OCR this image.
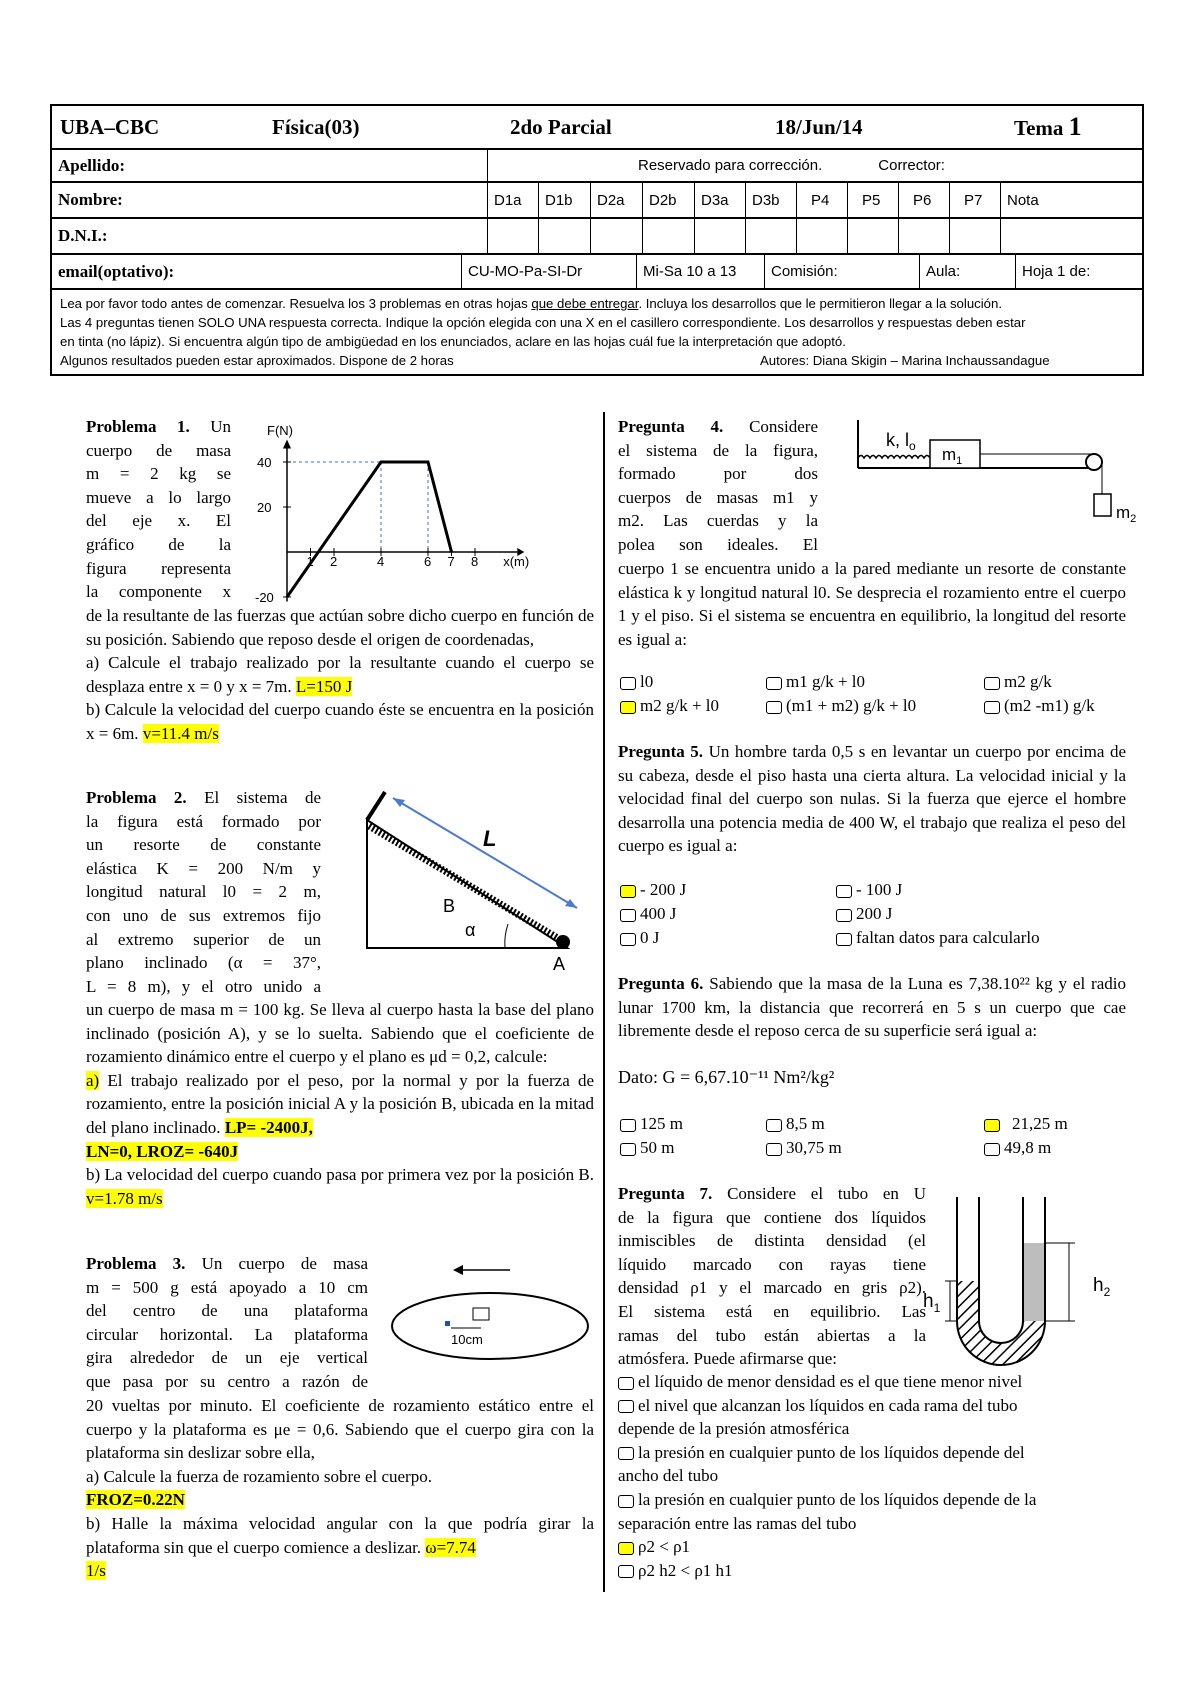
UBA–CBC	Física(03)	2do Parcial	18/Jun/14	Tema 1
Apellido:	Reservado para corrección.	Corrector:
Nombre:	D1a	D1b	D2a	D2b	D3a	D3b	P4	P5	P6	P7	Nota
D.N.I.:
email(optativo):	CU-MO-Pa-SI-Dr	Mi-Sa 10 a 13	Comisión:	Aula:	Hoja 1 de:
Lea por favor todo antes de comenzar. Resuelva los 3 problemas en otras hojas que debe entregar. Incluya los desarrollos que le permitieron llegar a la solución.
Las 4 preguntas tienen SOLO UNA respuesta correcta. Indique la opción elegida con una X en el casillero correspondiente. Los desarrollos y respuestas deben estar
en tinta (no lápiz). Si encuentra algún tipo de ambigüedad en los enunciados, aclare en las hojas cuál fue la interpretación que adoptó.
Algunos resultados pueden estar aproximados. Dispone de 2 horas	Autores: Diana Skigin – Marina Inchaussandague
Problema 1. Un
cuerpo de masa
m = 2 kg se
mueve a lo largo
del eje x. El
gráfico de la
figura representa
la componente x
40
20
-20
F(N)
1 2	4	6 7 8 x(m)
de la resultante de las fuerzas que actúan sobre dicho cuerpo en función de su posición. Sabiendo que reposo desde el origen de coordenadas,
a) Calcule el trabajo realizado por la resultante cuando el cuerpo se desplaza entre x = 0 y x = 7m. L=150 J
b) Calcule la velocidad del cuerpo cuando éste se encuentra en la posición x = 6m. v=11.4 m/s
Problema 2. El sistema de
la figura está formado por
un resorte de constante
elástica K = 200 N/m y
longitud natural l0 = 2 m,
con uno de sus extremos fijo
al extremo superior de un
plano inclinado (α = 37°,
L = 8 m), y el otro unido a
L
B
α
A
un cuerpo de masa m = 100 kg. Se lleva al cuerpo hasta la base del plano inclinado (posición A), y se lo suelta. Sabiendo que el coeficiente de rozamiento dinámico entre el cuerpo y el plano es μd = 0,2, calcule:
a) El trabajo realizado por el peso, por la normal y por la fuerza de rozamiento, entre la posición inicial A y la posición B, ubicada en la mitad del plano inclinado. LP= -2400J,
LN=0, LROZ= -640J
b) La velocidad del cuerpo cuando pasa por primera vez por la posición B. v=1.78 m/s
Problema 3. Un cuerpo de masa
m = 500 g está apoyado a 10 cm
del centro de una plataforma
circular horizontal. La plataforma
gira alrededor de un eje vertical
que pasa por su centro a razón de
10cm
20 vueltas por minuto. El coeficiente de rozamiento estático entre el cuerpo y la plataforma es μe = 0,6. Sabiendo que el cuerpo gira con la plataforma sin deslizar sobre ella,
a) Calcule la fuerza de rozamiento sobre el cuerpo.
FROZ=0.22N
b) Halle la máxima velocidad angular con la que podría girar la plataforma sin que el cuerpo comience a deslizar. ω=7.74
1/s
Pregunta 4. Considere
el sistema de la figura,
formado por dos
cuerpos de masas m1 y
m2. Las cuerdas y la
polea son ideales. El
k, $l_o$ $m_1$
$m_2$
cuerpo 1 se encuentra unido a la pared mediante un resorte de constante elástica k y longitud natural l0. Se desprecia el rozamiento entre el cuerpo 1 y el piso. Si el sistema se encuentra en equilibrio, la longitud del resorte es igual a:
l0	m1 g/k + l0	m2 g/k
m2 g/k + l0	(m1 + m2) g/k + l0	(m2 -m1) g/k
Pregunta 5. Un hombre tarda 0,5 s en levantar un cuerpo por encima de su cabeza, desde el piso hasta una cierta altura. La velocidad inicial y la velocidad final del cuerpo son nulas. Si la fuerza que ejerce el hombre desarrolla una potencia media de 400 W, el trabajo que realiza el peso del cuerpo es igual a:
- 200 J	- 100 J
400 J	200 J
0 J	faltan datos para calcularlo
Pregunta 6. Sabiendo que la masa de la Luna es 7,38.10²² kg y el radio lunar 1700 km, la distancia que recorrerá en 5 s un cuerpo que cae libremente desde el reposo cerca de su superficie será igual a:
Dato: G = 6,67.10⁻¹¹ Nm²/kg²
125 m	8,5 m	21,25 m
50 m	30,75 m	49,8 m
Pregunta 7. Considere el tubo en U
de la figura que contiene dos líquidos
inmiscibles de distinta densidad (el
líquido marcado con rayas tiene
densidad ρ1 y el marcado en gris ρ2).
El sistema está en equilibrio. Las
ramas del tubo están abiertas a la
atmósfera. Puede afirmarse que:
$h_2$
$h_1$
el líquido de menor densidad es el que tiene menor nivel
el nivel que alcanzan los líquidos en cada rama del tubo
depende de la presión atmosférica
la presión en cualquier punto de los líquidos depende del
ancho del tubo
la presión en cualquier punto de los líquidos depende de la
separación entre las ramas del tubo
ρ2 < ρ1
ρ2 h2 < ρ1 h1
